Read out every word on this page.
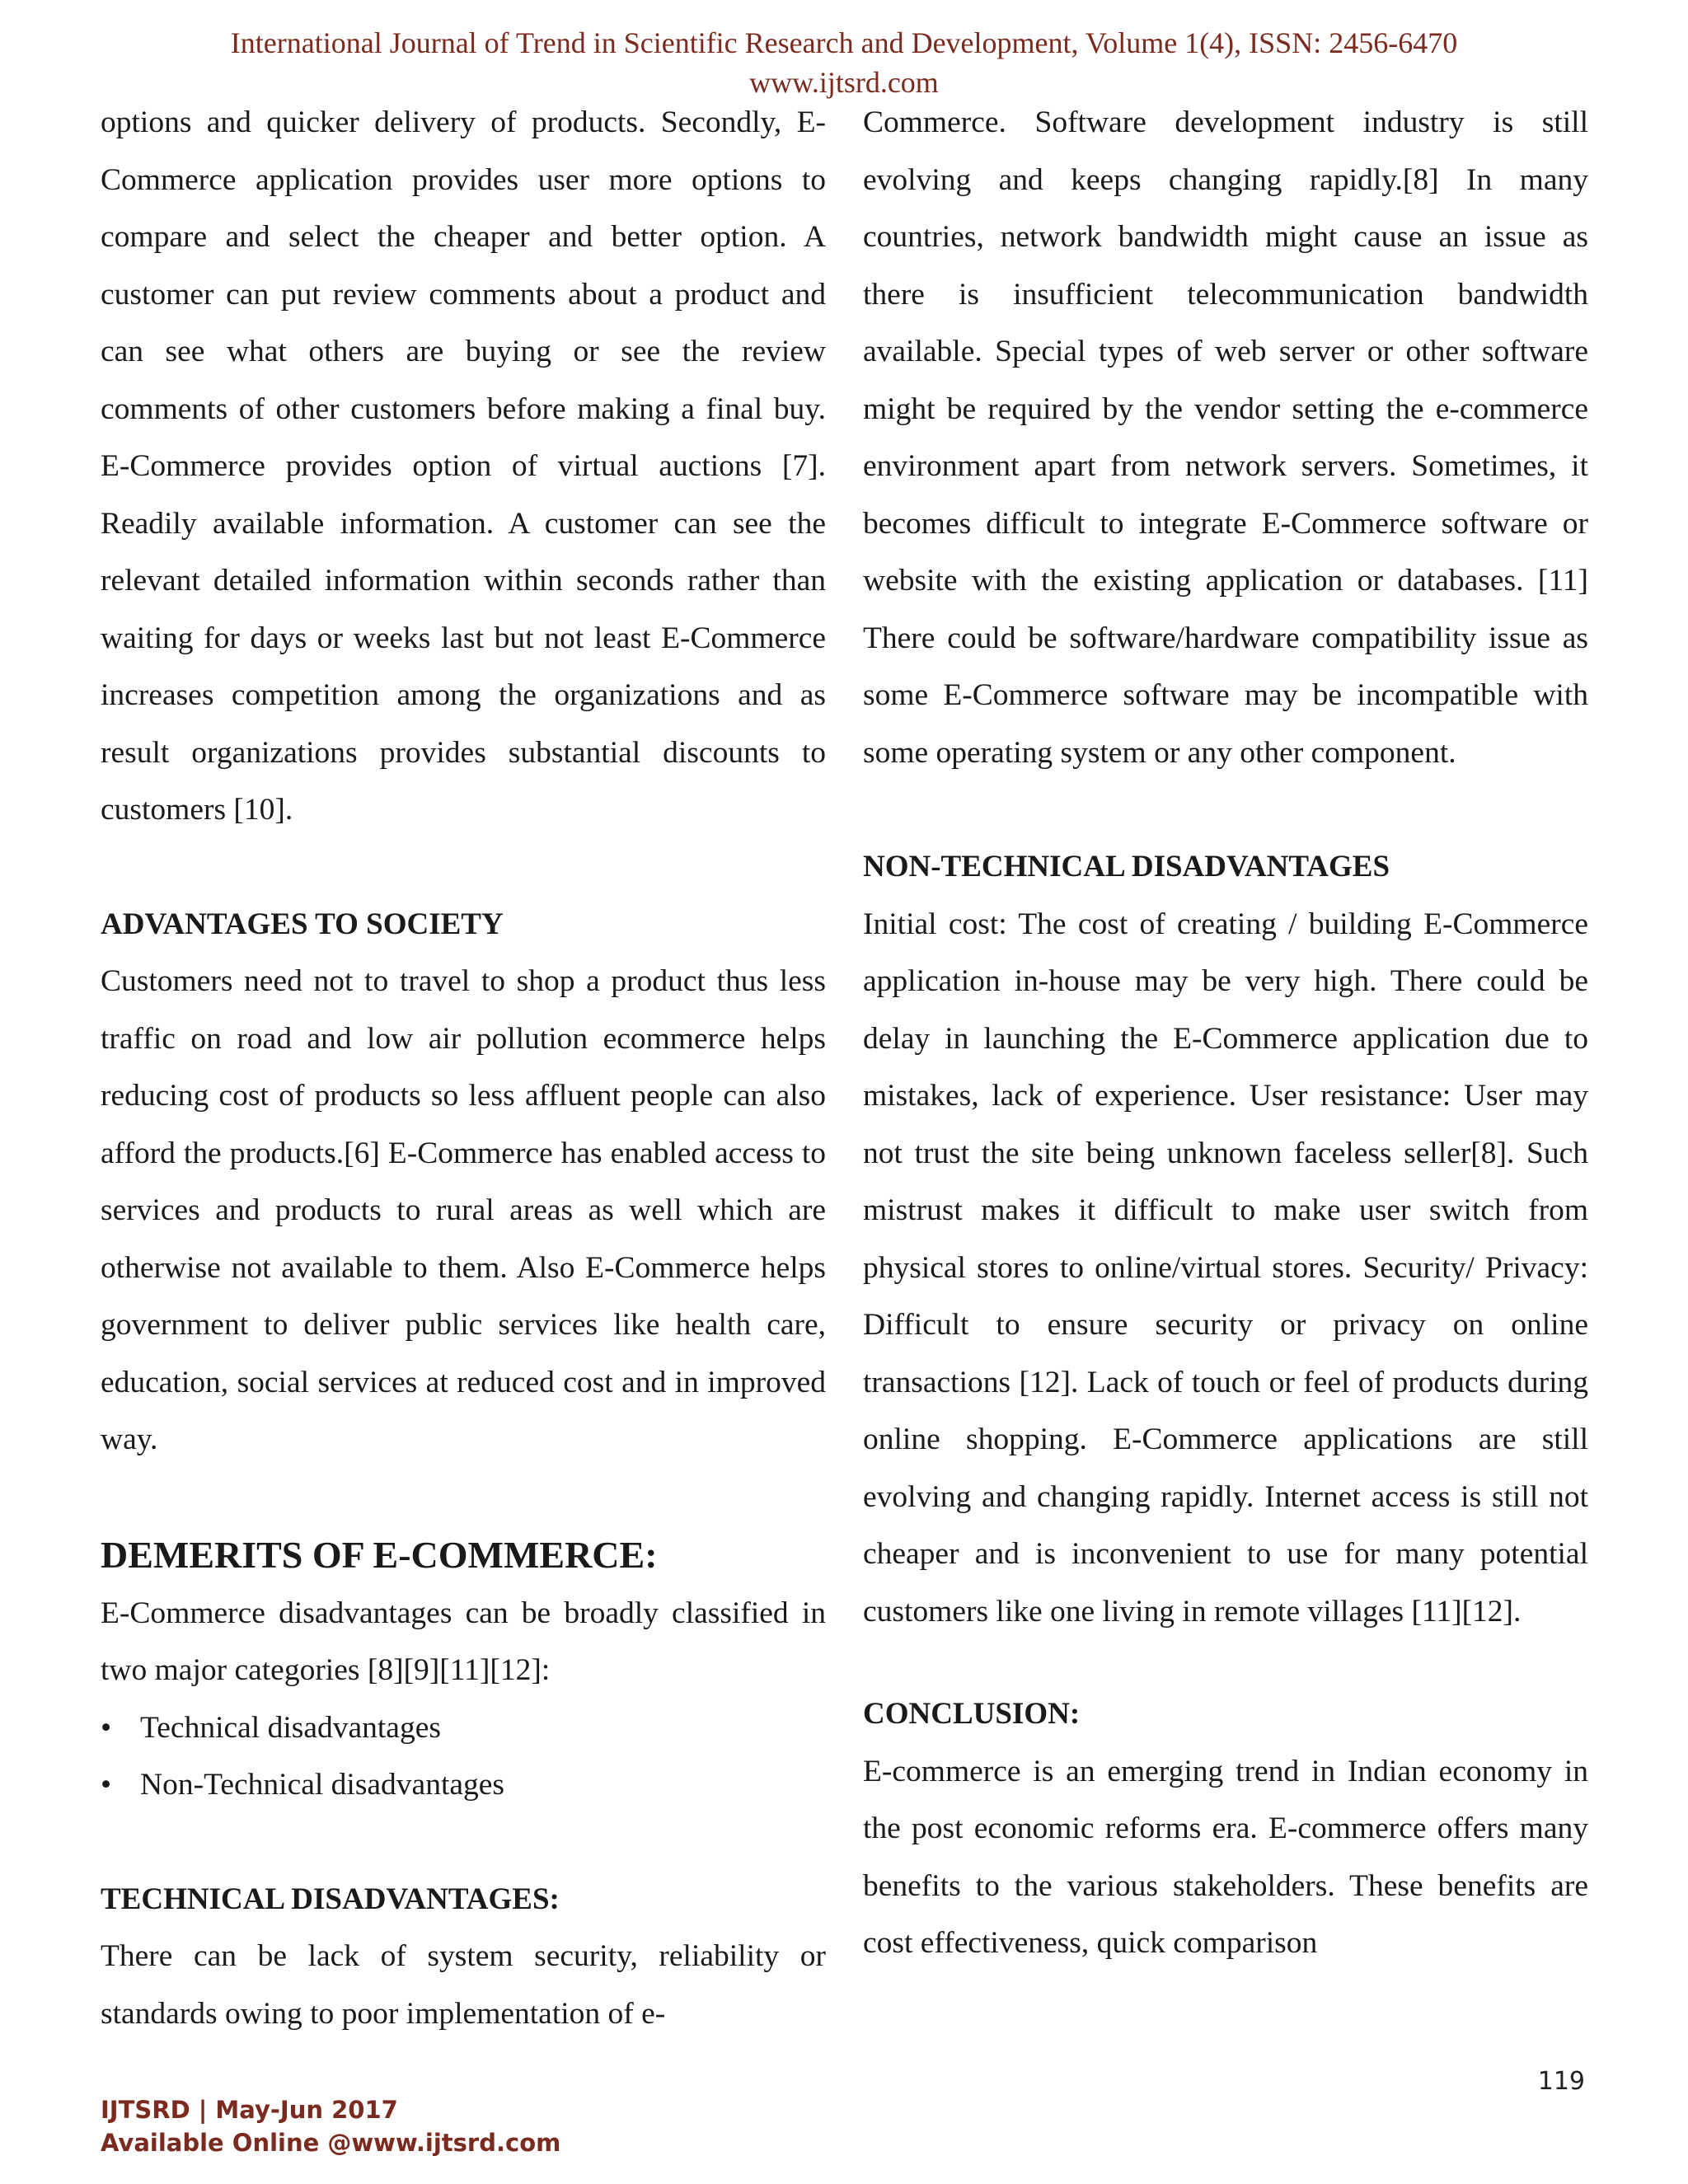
International Journal of Trend in Scientific Research and Development, Volume 1(4), ISSN: 2456-6470
www.ijtsrd.com

options and quicker delivery of products. Secondly, E-Commerce application provides user more options to compare and select the cheaper and better option. A customer can put review comments about a product and can see what others are buying or see the review comments of other customers before making a final buy. E-Commerce provides option of virtual auctions [7]. Readily available information. A customer can see the relevant detailed information within seconds rather than waiting for days or weeks last but not least E-Commerce increases competition among the organizations and as result organizations provides substantial discounts to customers [10].

ADVANTAGES TO SOCIETY

Customers need not to travel to shop a product thus less traffic on road and low air pollution ecommerce helps reducing cost of products so less affluent people can also afford the products.[6] E-Commerce has enabled access to services and products to rural areas as well which are otherwise not available to them. Also E-Commerce helps government to deliver public services like health care, education, social services at reduced cost and in improved way.

DEMERITS OF E-COMMERCE:

E-Commerce disadvantages can be broadly classified in two major categories [8][9][11][12]:

• Technical disadvantages
• Non-Technical disadvantages
TECHNICAL DISADVANTAGES:

There can be lack of system security, reliability or standards owing to poor implementation of e-

Commerce. Software development industry is still evolving and keeps changing rapidly.[8] In many countries, network bandwidth might cause an issue as there is insufficient telecommunication bandwidth available. Special types of web server or other software might be required by the vendor setting the e-commerce environment apart from network servers. Sometimes, it becomes difficult to integrate E-Commerce software or website with the existing application or databases. [11] There could be software/hardware compatibility issue as some E-Commerce software may be incompatible with some operating system or any other component.

NON-TECHNICAL DISADVANTAGES

Initial cost: The cost of creating / building E-Commerce application in-house may be very high. There could be delay in launching the E-Commerce application due to mistakes, lack of experience. User resistance: User may not trust the site being unknown faceless seller[8]. Such mistrust makes it difficult to make user switch from physical stores to online/virtual stores. Security/ Privacy: Difficult to ensure security or privacy on online transactions [12]. Lack of touch or feel of products during online shopping. E-Commerce applications are still evolving and changing rapidly. Internet access is still not cheaper and is inconvenient to use for many potential customers like one living in remote villages [11][12].

CONCLUSION:

E-commerce is an emerging trend in Indian economy in the post economic reforms era. E-commerce offers many benefits to the various stakeholders. These benefits are cost effectiveness, quick comparison

119
IJTSRD | May-Jun 2017
Available Online @www.ijtsrd.com
